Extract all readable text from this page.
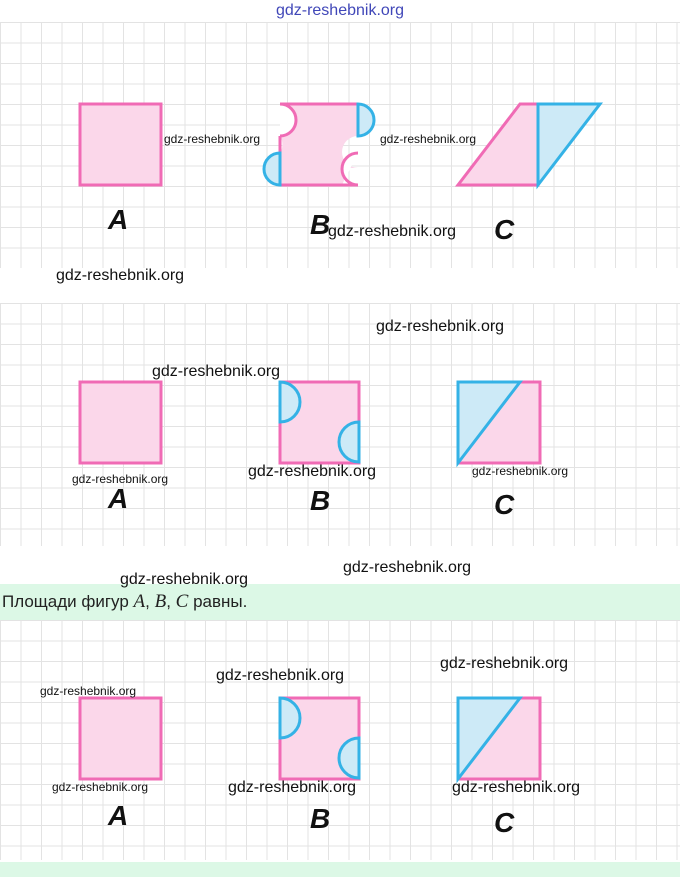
gdz-reshebnik.org
A	B	C
A	B	C
Площади фигур A, B, C равны.
A	B	C
gdz-reshebnik.org	gdz-reshebnik.org
gdz-reshebnik.org
gdz-reshebnik.org
gdz-reshebnik.org
gdz-reshebnik.org
gdz-reshebnik.org	gdz-reshebnik.org	gdz-reshebnik.org
gdz-reshebnik.org
gdz-reshebnik.org
gdz-reshebnik.org
gdz-reshebnik.org
gdz-reshebnik.org
gdz-reshebnik.org	gdz-reshebnik.org	gdz-reshebnik.org
